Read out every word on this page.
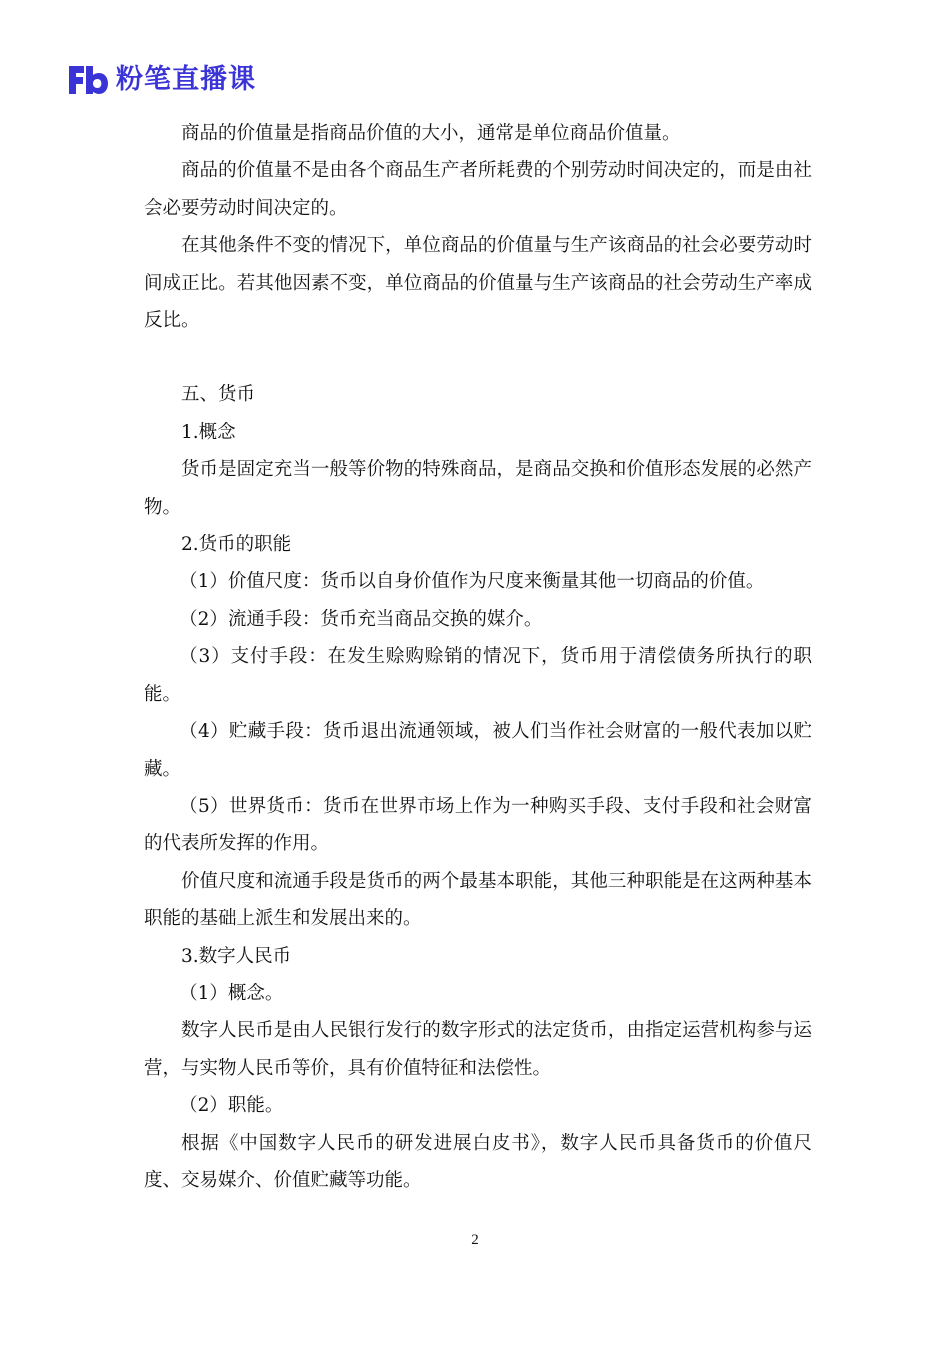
粉笔直播课

商品的价值量是指商品价值的大小，通常是单位商品价值量。

商品的价值量不是由各个商品生产者所耗费的个别劳动时间决定的，而是由社会必要劳动时间决定的。

在其他条件不变的情况下，单位商品的价值量与生产该商品的社会必要劳动时间成正比。若其他因素不变，单位商品的价值量与生产该商品的社会劳动生产率成反比。

五、货币

1.概念

货币是固定充当一般等价物的特殊商品，是商品交换和价值形态发展的必然产物。

2.货币的职能

（1）价值尺度：货币以自身价值作为尺度来衡量其他一切商品的价值。

（2）流通手段：货币充当商品交换的媒介。

（3）支付手段：在发生赊购赊销的情况下，货币用于清偿债务所执行的职能。

（4）贮藏手段：货币退出流通领域，被人们当作社会财富的一般代表加以贮藏。

（5）世界货币：货币在世界市场上作为一种购买手段、支付手段和社会财富的代表所发挥的作用。

价值尺度和流通手段是货币的两个最基本职能，其他三种职能是在这两种基本职能的基础上派生和发展出来的。

3.数字人民币

（1）概念。

数字人民币是由人民银行发行的数字形式的法定货币，由指定运营机构参与运营，与实物人民币等价，具有价值特征和法偿性。

（2）职能。

根据《中国数字人民币的研发进展白皮书》，数字人民币具备货币的价值尺度、交易媒介、价值贮藏等功能。

2
